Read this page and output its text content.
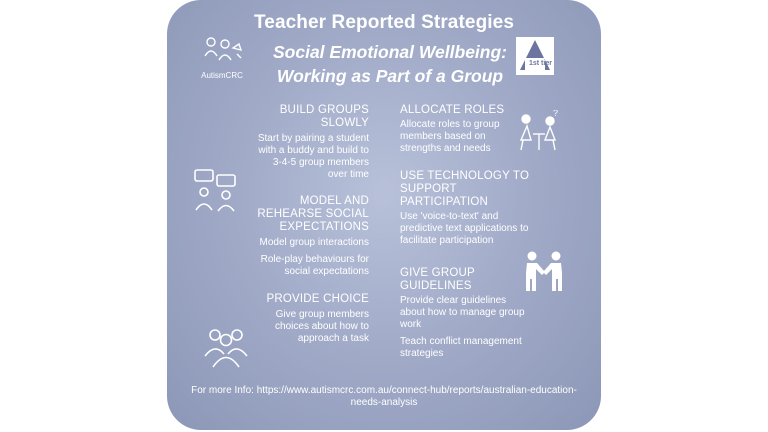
Teacher Reported Strategies
Social Emotional Wellbeing: Working as Part of a Group
AutismCRC
1st tier
BUILD GROUPS SLOWLY
Start by pairing a student with a buddy and build to 3-4-5 group members over time
MODEL AND REHEARSE SOCIAL EXPECTATIONS
Model group interactions
Role-play behaviours for social expectations
PROVIDE CHOICE
Give group members choices about how to approach a task
ALLOCATE ROLES
Allocate roles to group members based on strengths and needs
USE TECHNOLOGY TO SUPPORT PARTICIPATION
Use 'voice-to-text' and predictive text applications to facilitate participation
GIVE GROUP GUIDELINES
Provide clear guidelines about how to manage group work
Teach conflict management strategies
?
For more Info: https://www.autismcrc.com.au/connect-hub/reports/australian-education-needs-analysis
